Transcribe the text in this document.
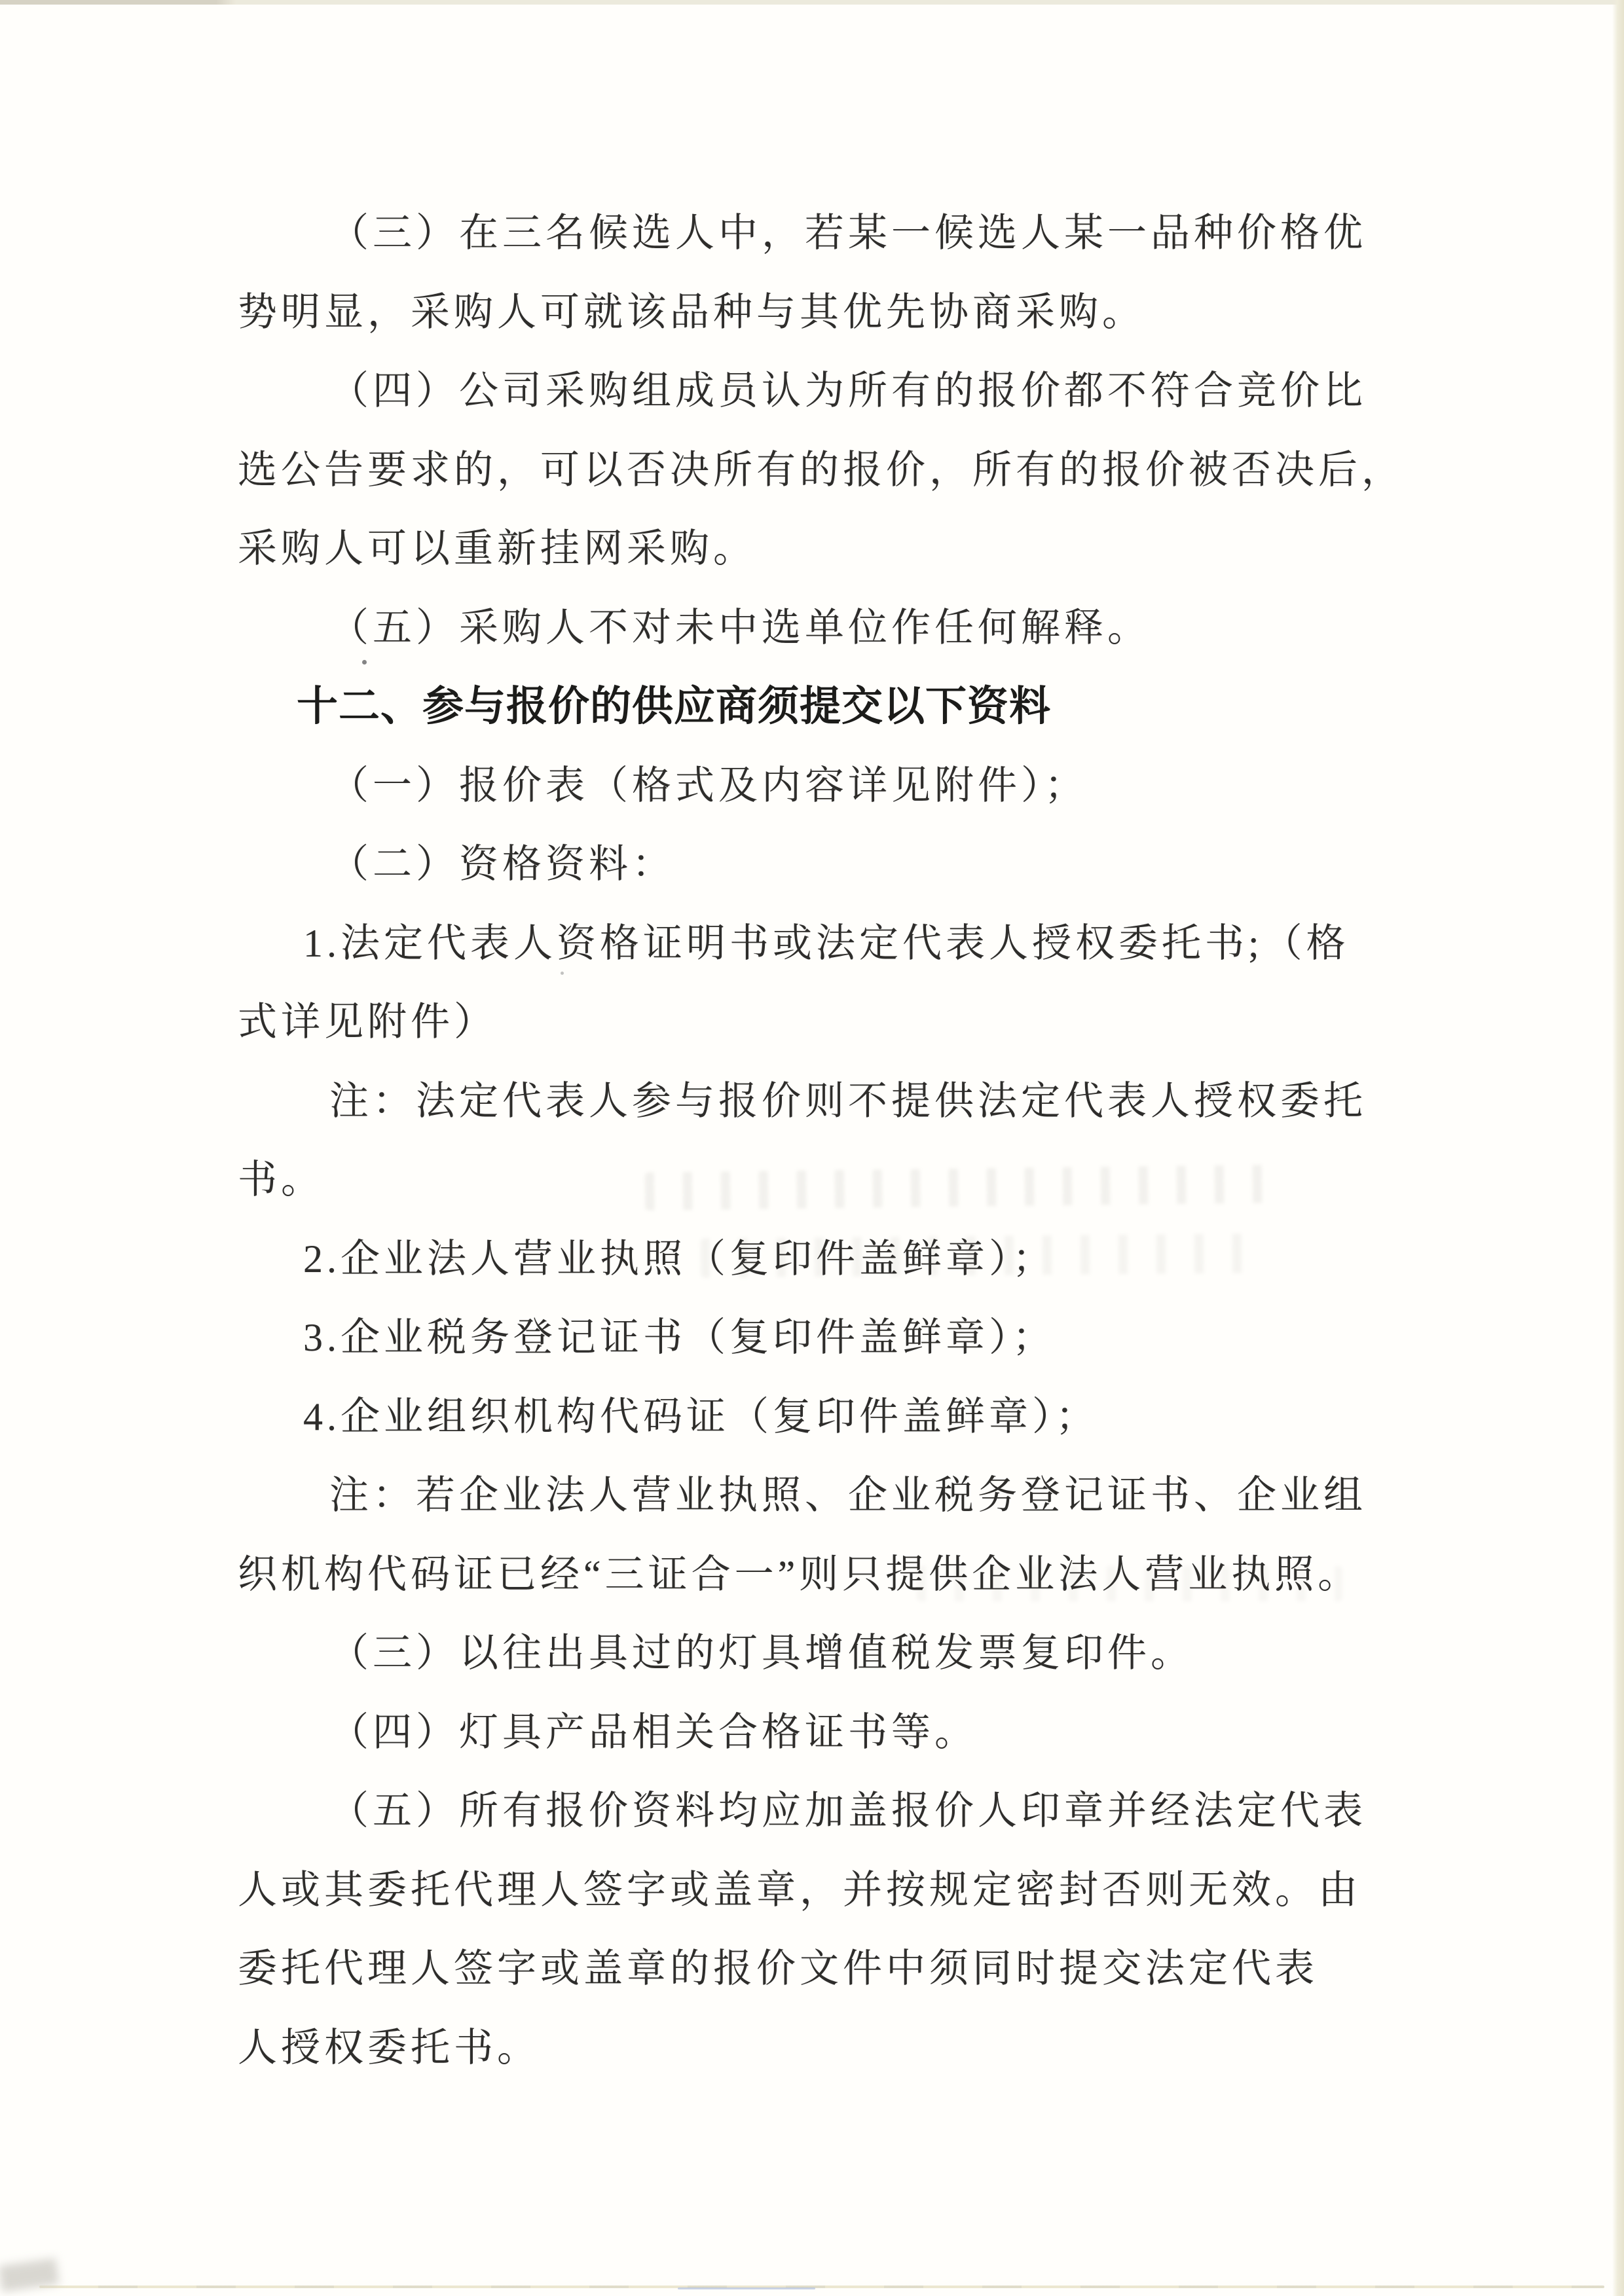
（三）在三名候选人中，若某一候选人某一品种价格优
势明显，采购人可就该品种与其优先协商采购。
（四）公司采购组成员认为所有的报价都不符合竞价比
选公告要求的，可以否决所有的报价，所有的报价被否决后，
采购人可以重新挂网采购。
（五）采购人不对未中选单位作任何解释。
十二、参与报价的供应商须提交以下资料
（一）报价表（格式及内容详见附件）；
（二）资格资料：
1.法定代表人资格证明书或法定代表人授权委托书;（格
式详见附件）
注：法定代表人参与报价则不提供法定代表人授权委托
书。
2.企业法人营业执照（复印件盖鲜章）；
3.企业税务登记证书（复印件盖鲜章）；
4.企业组织机构代码证（复印件盖鲜章）；
注：若企业法人营业执照、企业税务登记证书、企业组
织机构代码证已经“三证合一”则只提供企业法人营业执照。
（三）以往出具过的灯具增值税发票复印件。
（四）灯具产品相关合格证书等。
（五）所有报价资料均应加盖报价人印章并经法定代表
人或其委托代理人签字或盖章，并按规定密封否则无效。由
委托代理人签字或盖章的报价文件中须同时提交法定代表
人授权委托书。
